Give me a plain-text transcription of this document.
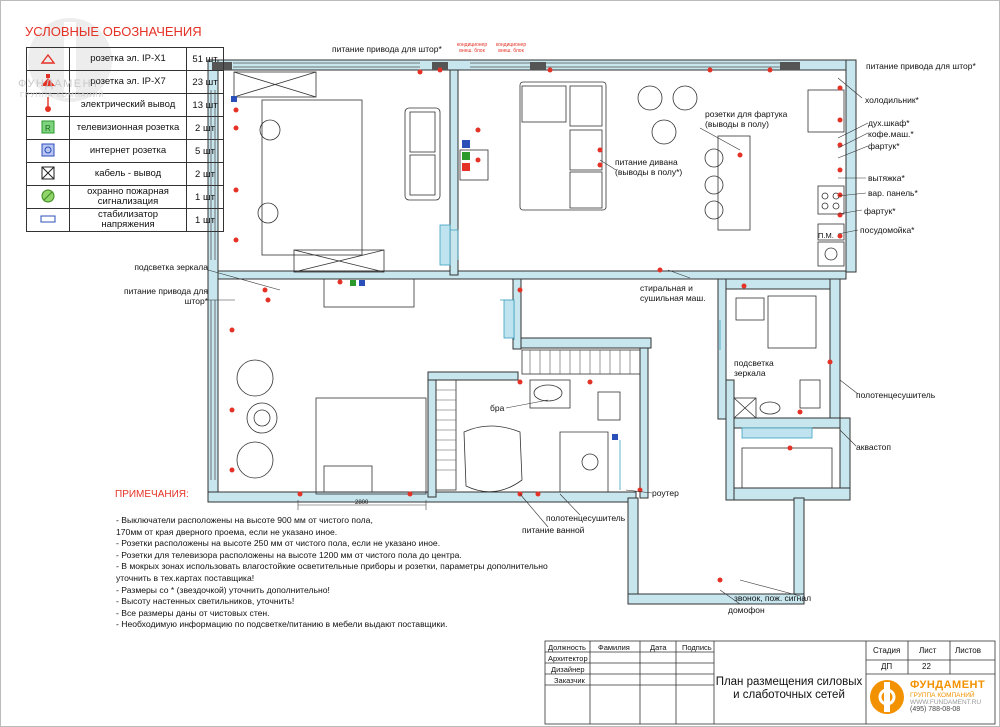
УСЛОВНЫЕ ОБОЗНАЧЕНИЯ
	розетка эл. IP-X1	51 шт
	розетка эл. IP-X7	23 шт
	электрический вывод	13 шт

R	телевизионная розетка	2 шт
	интернет розетка	5 шт
	кабель - вывод	2 шт
	охранно пожарная сигнализация	1 шт
	стабилизатор напряжения	1 шт
ФУНДАМЕНТ
ГРУППА КОМПАНИЙ
питание привода для штор*
питание привода для штор*
кондиционер внеш. блок
кондиционер внеш. блок
холодильник*
дух.шкаф*
кофе.маш.*
фартук*
вытяжка*
вар. панель*
фартук*
посудомойка*
П.М.
розетки для фартука (выводы в полу)
питание дивана (выводы в полу*)
подсветка зеркала
питание привода для штор*
стиральная и сушильная маш.
подсветка зеркала
полотенцесушитель
аквастоп
роутер
полотенцесушитель
питание ванной
бра
звонок, пож. сигнал
домофон
2800
ПРИМЕЧАНИЯ:
- Выключатели расположены на высоте 900 мм от чистого пола,
170мм от края дверного проема, если не указано иное.
- Розетки расположены на высоте 250 мм от чистого пола, если не указано иное.
- Розетки для телевизора расположены на высоте 1200 мм от чистого пола до центра.
- В мокрых зонах использовать влагостойкие осветительные приборы и розетки, параметры дополнительно
уточнить в тех.картах поставщика!
- Размеры со * (звездочкой) уточнить дополнительно!
- Высоту настенных светильников, уточнить!
- Все размеры даны от чистовых стен.
- Необходимую информацию по подсветке/питанию в мебели выдают поставщики.
Должность Фамилия	Дата Подпись
Архитектор
Дизайнер
Заказчик	План размещения силовых и слаботочных сетей
Стадия Лист Листов
ДП	22
ФУНДАМЕНТ
ГРУППА КОМПАНИЙ
WWW.FUNDAMENT.RU
(495) 788-08-08
